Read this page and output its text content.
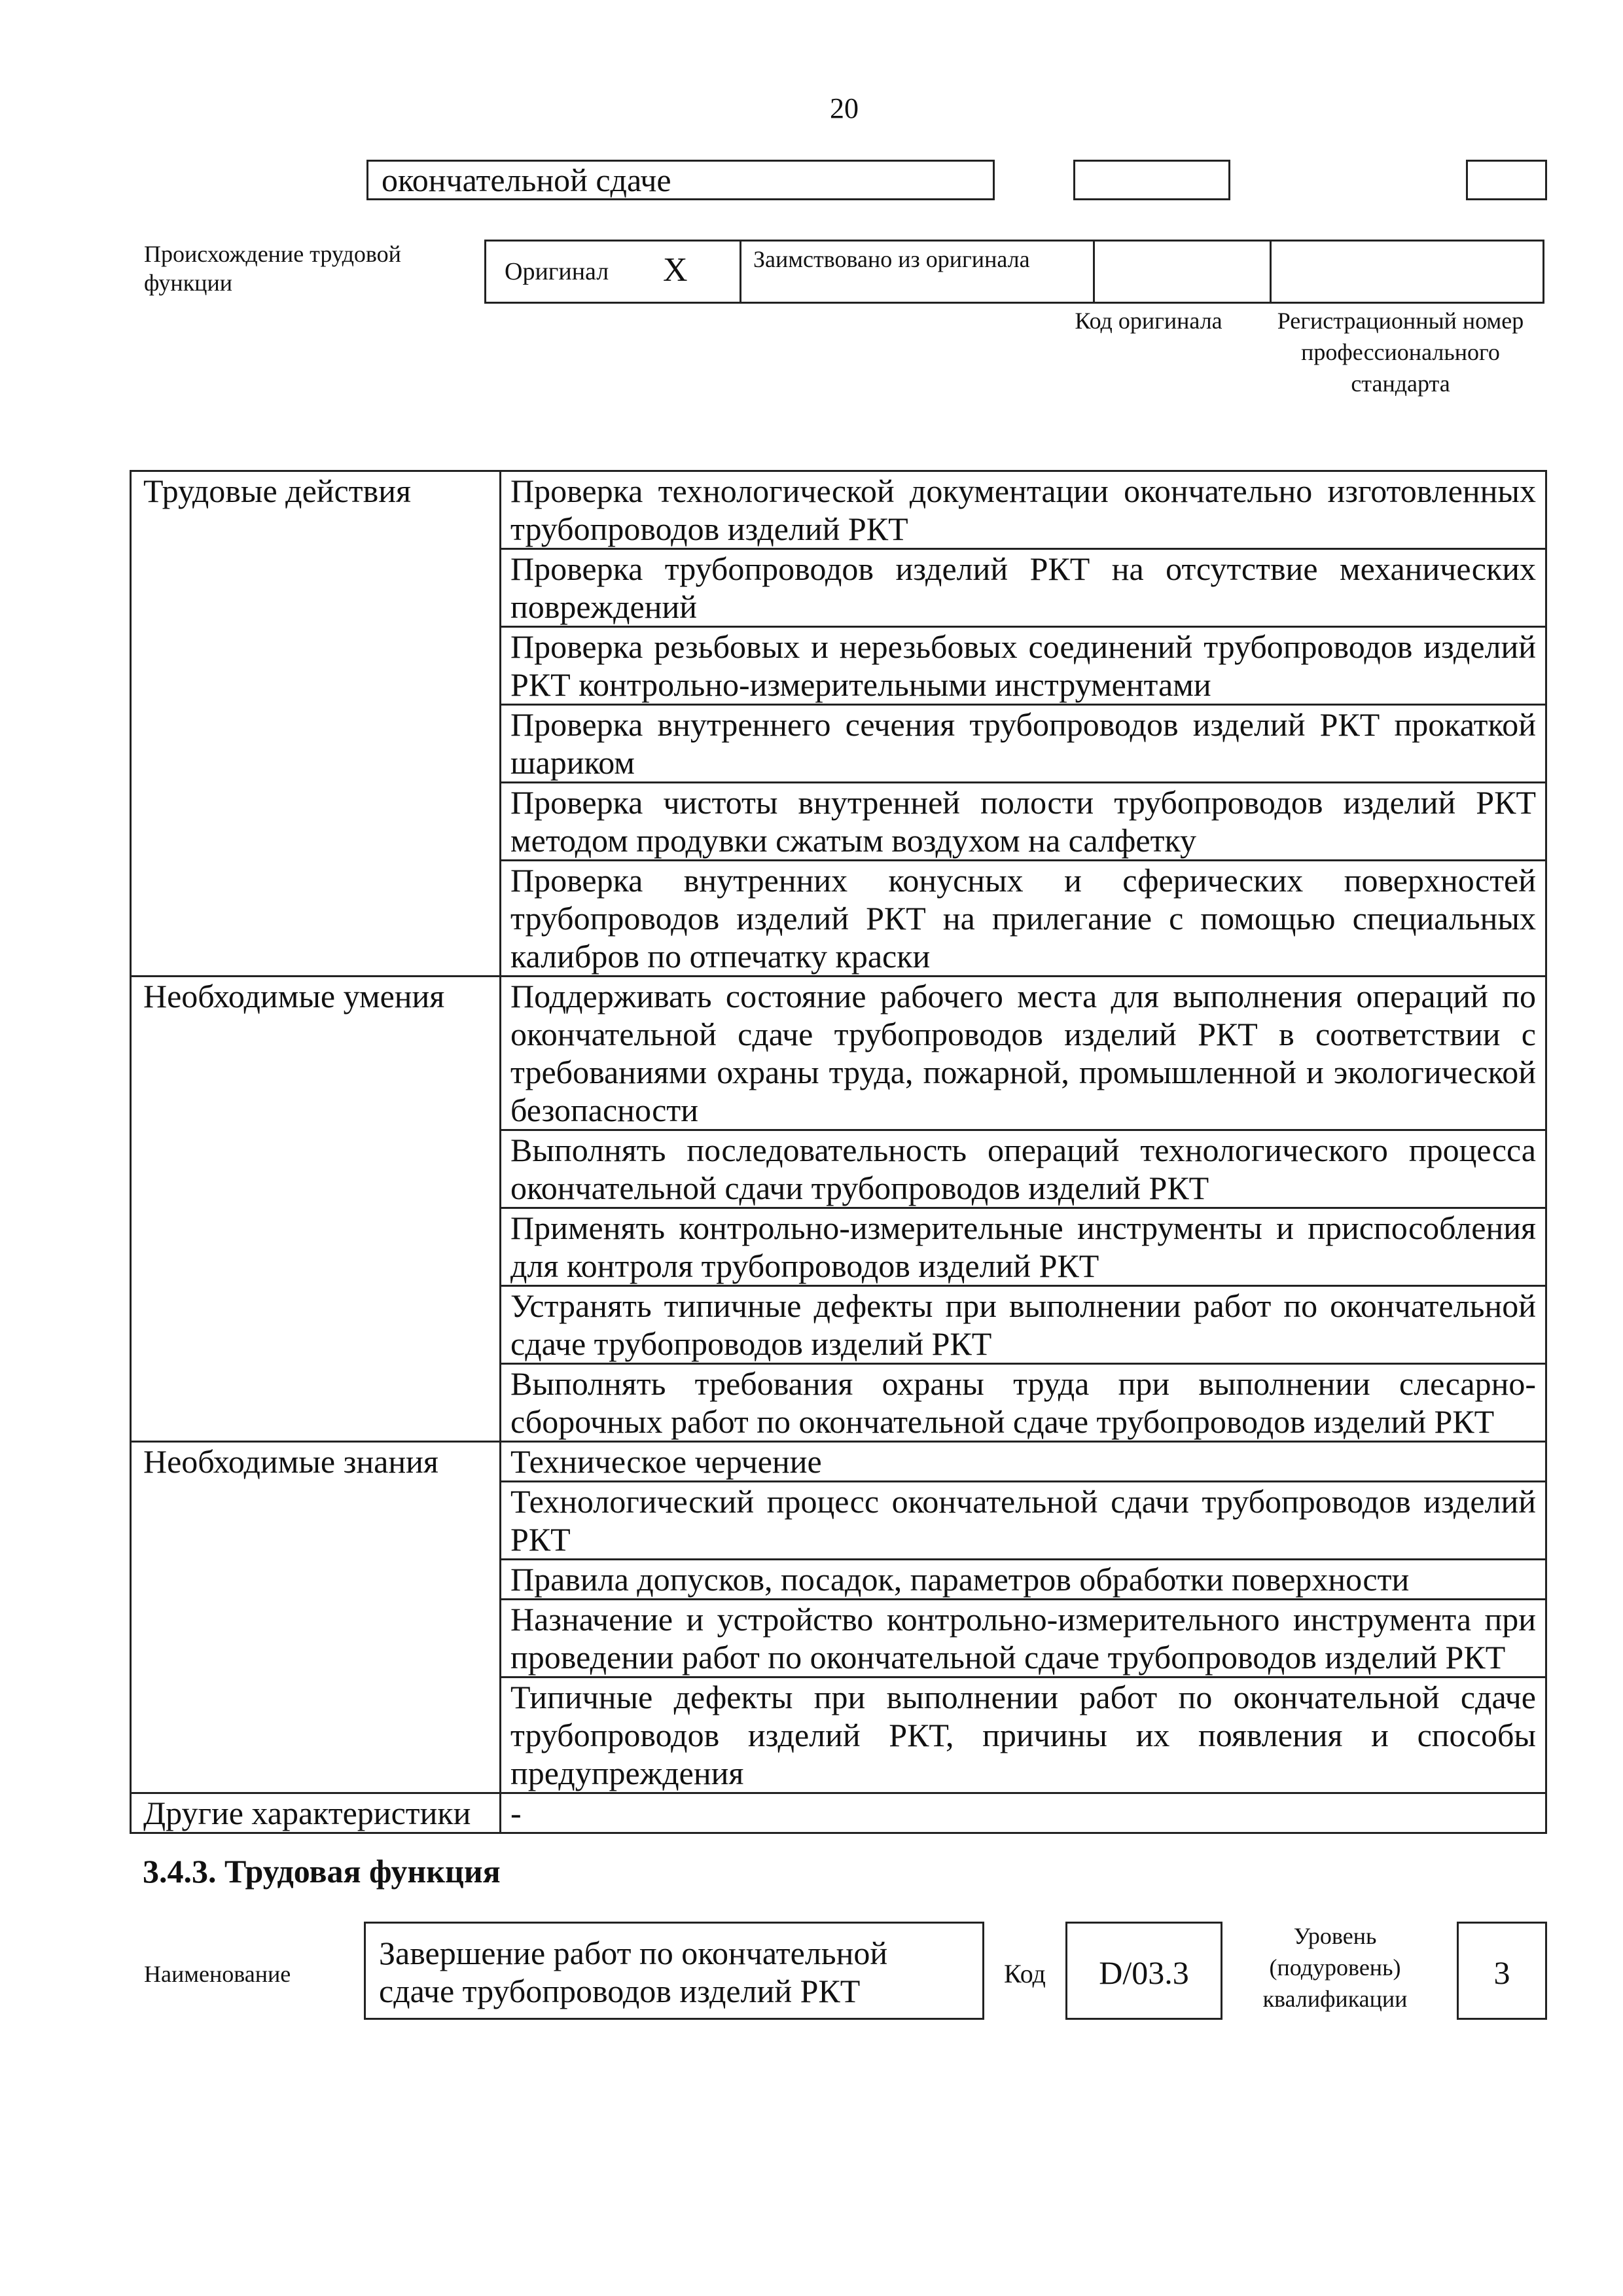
20
окончательной сдаче
Происхождение трудовой функции	Оригинал X	Заимствовано из оригинала
Код оригинала Регистрационный номер профессионального стандарта
Трудовые действия	Проверка технологической документации окончательно изготовленных трубопроводов изделий РКТ
	Проверка трубопроводов изделий РКТ на отсутствие механических повреждений
	Проверка резьбовых и нерезьбовых соединений трубопроводов изделий РКТ контрольно-измерительными инструментами
	Проверка внутреннего сечения трубопроводов изделий РКТ прокаткой шариком
	Проверка чистоты внутренней полости трубопроводов изделий РКТ методом продувки сжатым воздухом на салфетку
	Проверка внутренних конусных и сферических поверхностей трубопроводов изделий РКТ на прилегание с помощью специальных калибров по отпечатку краски
Необходимые умения	Поддерживать состояние рабочего места для выполнения операций по окончательной сдаче трубопроводов изделий РКТ в соответствии с требованиями охраны труда, пожарной, промышленной и экологической безопасности
	Выполнять последовательность операций технологического процесса окончательной сдачи трубопроводов изделий РКТ
	Применять контрольно-измерительные инструменты и приспособления для контроля трубопроводов изделий РКТ
	Устранять типичные дефекты при выполнении работ по окончательной сдаче трубопроводов изделий РКТ
	Выполнять требования охраны труда при выполнении слесарно-сборочных работ по окончательной сдаче трубопроводов изделий РКТ
Необходимые знания	Техническое черчение
	Технологический процесс окончательной сдачи трубопроводов изделий РКТ
	Правила допусков, посадок, параметров обработки поверхности
	Назначение и устройство контрольно-измерительного инструмента при проведении работ по окончательной сдаче трубопроводов изделий РКТ
	Типичные дефекты при выполнении работ по окончательной сдаче трубопроводов изделий РКТ, причины их появления и способы предупреждения
Другие характеристики	-
3.4.3. Трудовая функция
Наименование
Завершение работ по окончательной сдаче трубопроводов изделий РКТ	Код	D/03.3
Уровень (подуровень) квалификации
3
